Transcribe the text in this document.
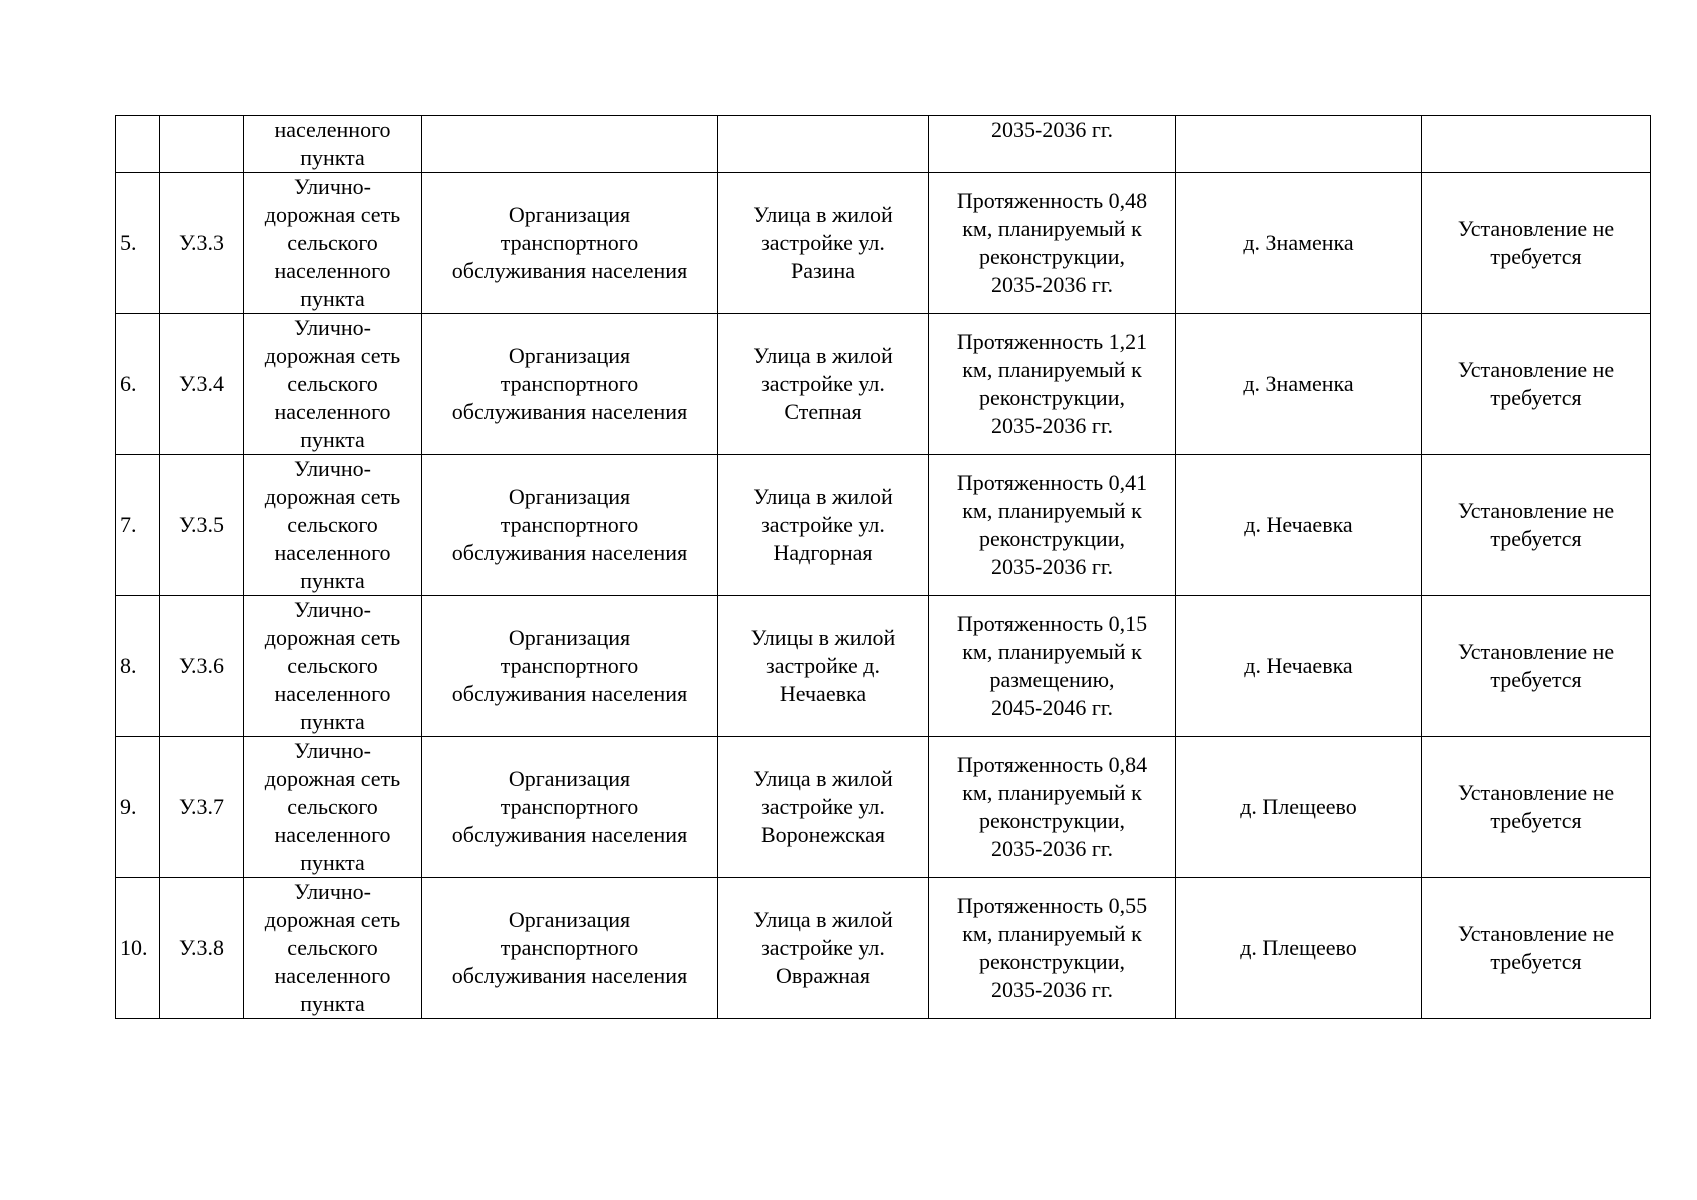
		населенного
пункта			2035-2036 гг.		

5.	У.3.3	Улично-
дорожная сеть
сельского
населенного
пункта	Организация
транспортного
обслуживания населения	Улица в жилой
застройке ул.
Разина	Протяженность 0,48
км, планируемый к
реконструкции,
2035-2036 гг.	д. Знаменка	Установление не
требуется

6.	У.3.4	Улично-
дорожная сеть
сельского
населенного
пункта	Организация
транспортного
обслуживания населения	Улица в жилой
застройке ул.
Степная	Протяженность 1,21
км, планируемый к
реконструкции,
2035-2036 гг.	д. Знаменка	Установление не
требуется

7.	У.3.5	Улично-
дорожная сеть
сельского
населенного
пункта	Организация
транспортного
обслуживания населения	Улица в жилой
застройке ул.
Надгорная	Протяженность 0,41
км, планируемый к
реконструкции,
2035-2036 гг.	д. Нечаевка	Установление не
требуется

8.	У.3.6	Улично-
дорожная сеть
сельского
населенного
пункта	Организация
транспортного
обслуживания населения	Улицы в жилой
застройке д.
Нечаевка	Протяженность 0,15
км, планируемый к
размещению,
2045-2046 гг.	д. Нечаевка	Установление не
требуется

9.	У.3.7	Улично-
дорожная сеть
сельского
населенного
пункта	Организация
транспортного
обслуживания населения	Улица в жилой
застройке ул.
Воронежская	Протяженность 0,84
км, планируемый к
реконструкции,
2035-2036 гг.	д. Плещеево	Установление не
требуется

10.	У.3.8	Улично-
дорожная сеть
сельского
населенного
пункта	Организация
транспортного
обслуживания населения	Улица в жилой
застройке ул.
Овражная	Протяженность 0,55
км, планируемый к
реконструкции,
2035-2036 гг.	д. Плещеево	Установление не
требуется
